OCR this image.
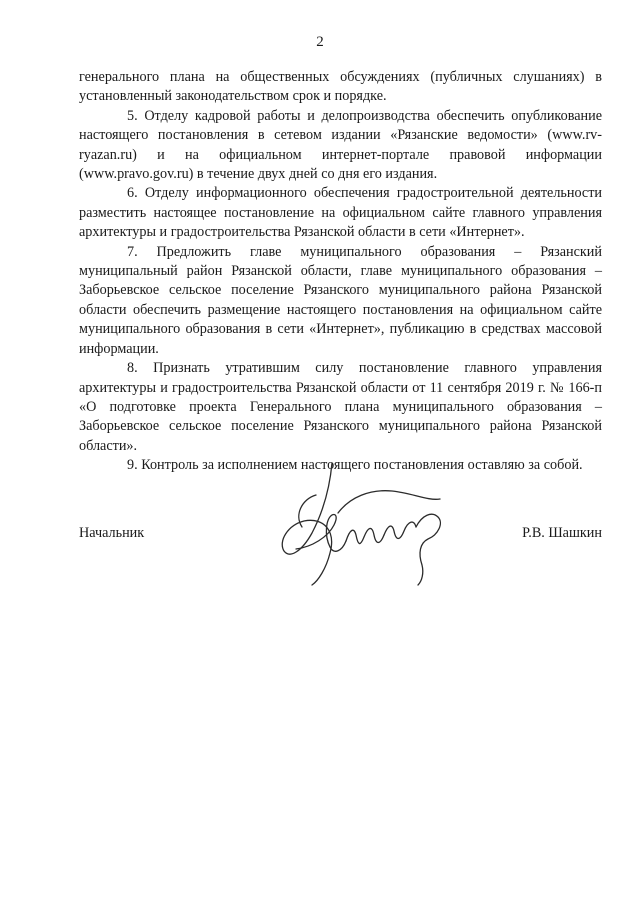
2

генерального плана на общественных обсуждениях (публичных слушаниях) в установленный законодательством срок и порядке.

5. Отделу кадровой работы и делопроизводства обеспечить опубликование настоящего постановления в сетевом издании «Рязанские ведомости» (www.rv-ryazan.ru) и на официальном интернет-портале правовой информации (www.pravo.gov.ru) в течение двух дней со дня его издания.

6. Отделу информационного обеспечения градостроительной деятельности разместить настоящее постановление на официальном сайте главного управления архитектуры и градостроительства Рязанской области в сети «Интернет».

7. Предложить главе муниципального образования – Рязанский муниципальный район Рязанской области, главе муниципального образования – Заборьевское сельское поселение Рязанского муниципального района Рязанской области обеспечить размещение настоящего постановления на официальном сайте муниципального образования в сети «Интернет», публикацию в средствах массовой информации.

8. Признать утратившим силу постановление главного управления архитектуры и градостроительства Рязанской области от 11 сентября 2019 г. № 166-п «О подготовке проекта Генерального плана муниципального образования – Заборьевское сельское поселение Рязанского муниципального района Рязанской области».

9. Контроль за исполнением настоящего постановления оставляю за собой.

Начальник	Р.В. Шашкин
